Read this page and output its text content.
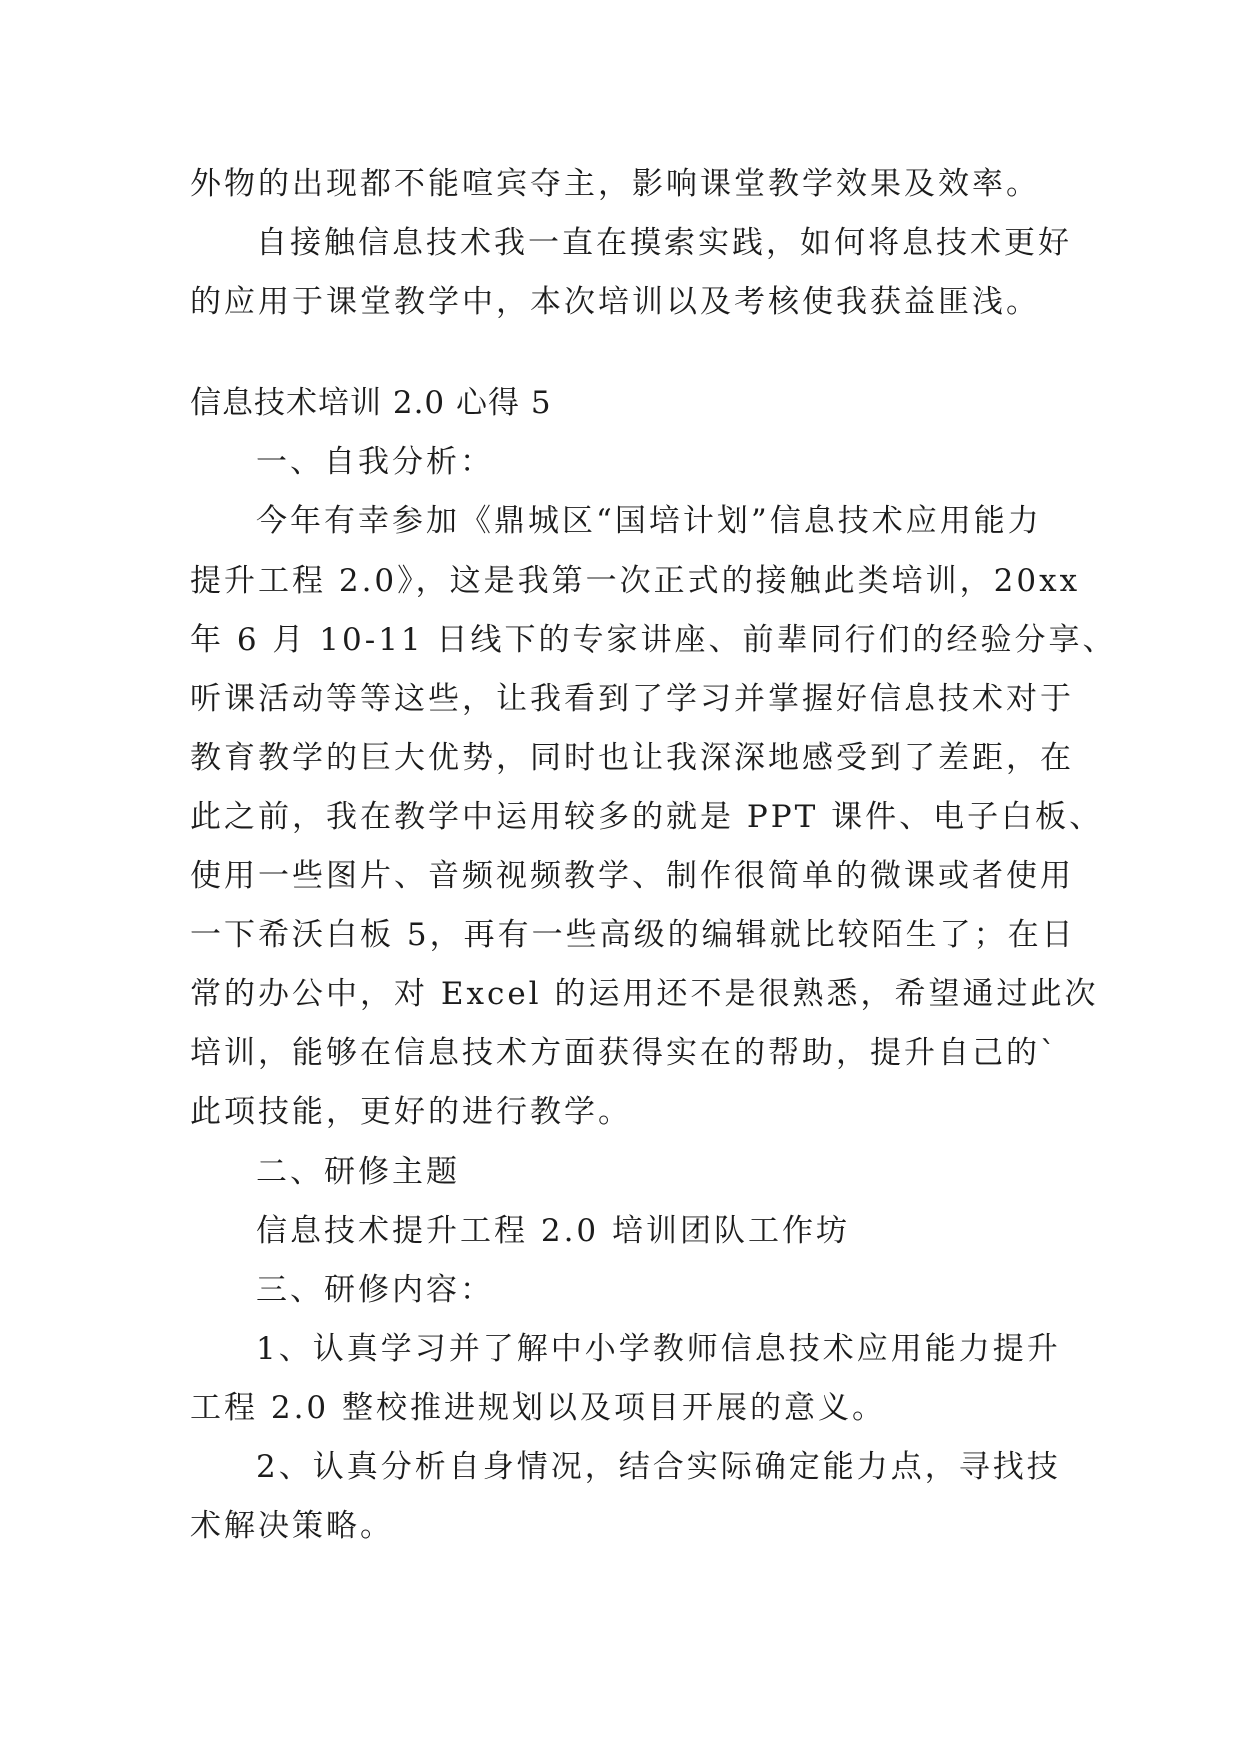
外物的出现都不能喧宾夺主，影响课堂教学效果及效率。
自接触信息技术我一直在摸索实践，如何将息技术更好
的应用于课堂教学中，本次培训以及考核使我获益匪浅。
信息技术培训 2.0 心得 5
一、自我分析：
今年有幸参加《鼎城区“国培计划”信息技术应用能力
提升工程 2.0》，这是我第一次正式的接触此类培训，20xx
年 6 月 10-11 日线下的专家讲座、前辈同行们的经验分享、
听课活动等等这些，让我看到了学习并掌握好信息技术对于
教育教学的巨大优势，同时也让我深深地感受到了差距，在
此之前，我在教学中运用较多的就是 PPT 课件、电子白板、
使用一些图片、音频视频教学、制作很简单的微课或者使用
一下希沃白板 5，再有一些高级的编辑就比较陌生了；在日
常的办公中，对 Excel 的运用还不是很熟悉，希望通过此次
培训，能够在信息技术方面获得实在的帮助，提升自己的`
此项技能，更好的进行教学。
二、研修主题
信息技术提升工程 2.0 培训团队工作坊
三、研修内容：
1、认真学习并了解中小学教师信息技术应用能力提升
工程 2.0 整校推进规划以及项目开展的意义。
2、认真分析自身情况，结合实际确定能力点，寻找技
术解决策略。
